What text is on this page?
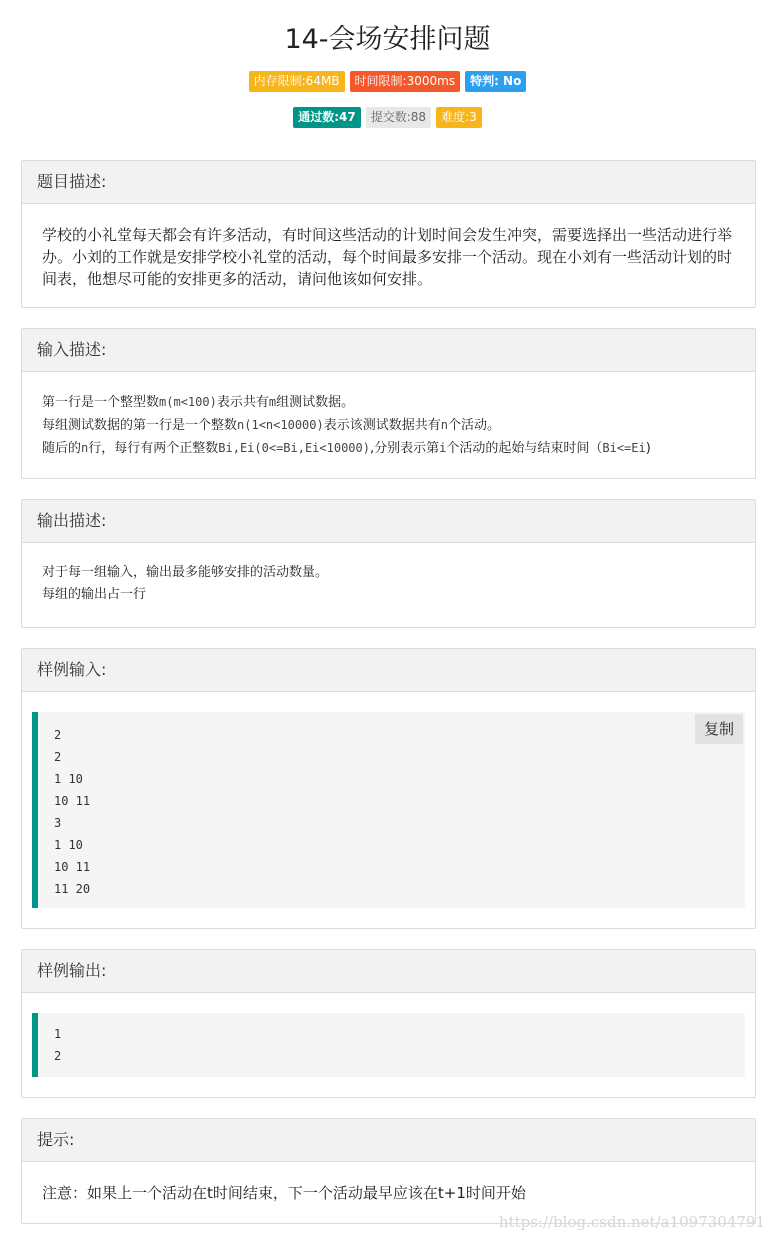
14-会场安排问题
内存限制:64MB	时间限制:3000ms	特判: No
通过数:47	提交数:88	难度:3
题目描述:

学校的小礼堂每天都会有许多活动，有时间这些活动的计划时间会发生冲突，需要选择出一些活动进行举办。小刘的工作就是安排学校小礼堂的活动，每个时间最多安排一个活动。现在小刘有一些活动计划的时间表，他想尽可能的安排更多的活动，请问他该如何安排。

输入描述:
第一行是一个整型数m(m<100)表示共有m组测试数据。
每组测试数据的第一行是一个整数n(1<n<10000)表示该测试数据共有n个活动。
随后的n行，每行有两个正整数Bi,Ei(0<=Bi,Ei<10000),分别表示第i个活动的起始与结束时间（Bi<=Ei)
输出描述:
对于每一组输入，输出最多能够安排的活动数量。
每组的输出占一行
样例输入:
复制
2
2
1 10
10 11
3
1 10
10 11
11 20
样例输出:
1
2
提示:

注意：如果上一个活动在t时间结束，下一个活动最早应该在t+1时间开始

https://blog.csdn.net/a1097304791
